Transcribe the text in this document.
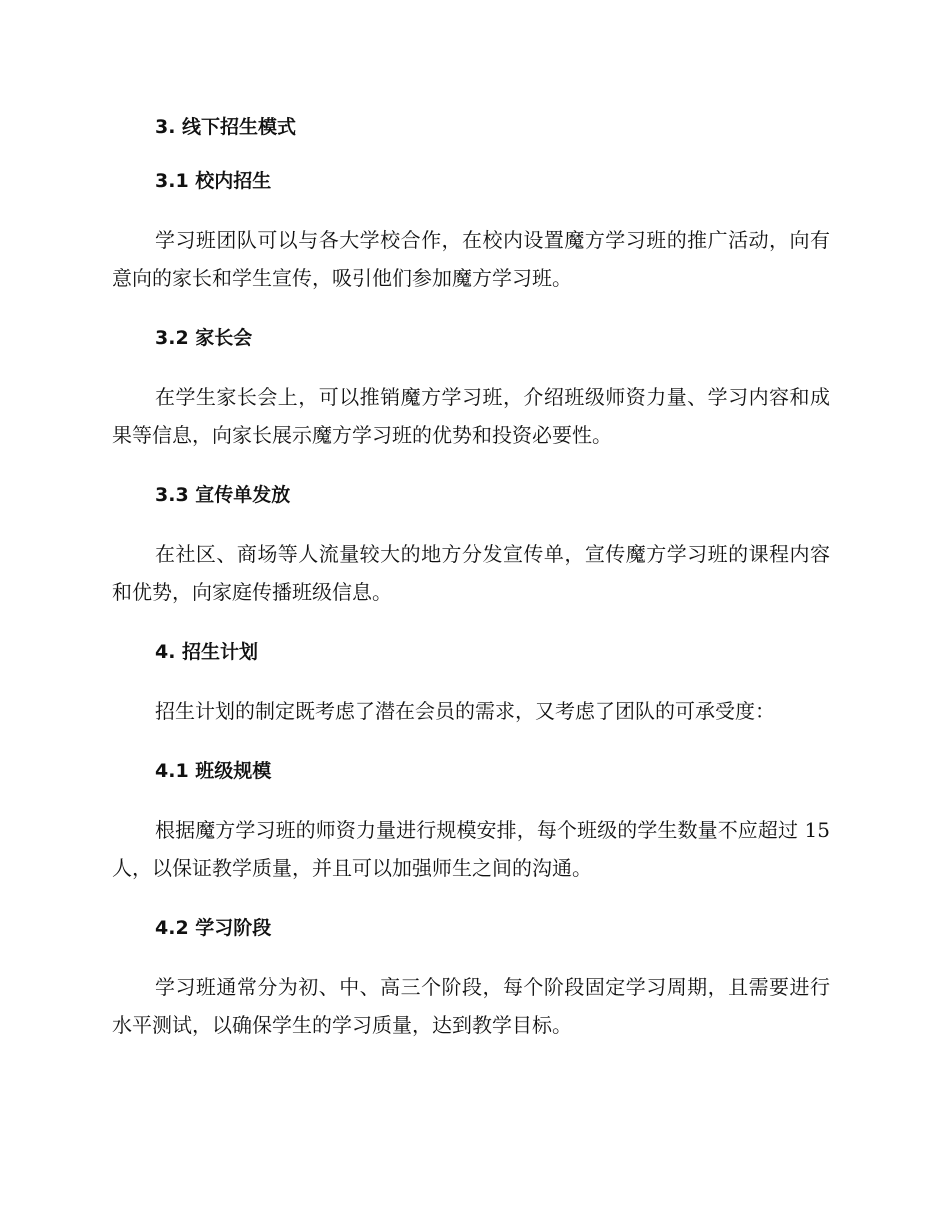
3. 线下招生模式
3.1 校内招生

学习班团队可以与各大学校合作，在校内设置魔方学习班的推广活动，向有意向的家长和学生宣传，吸引他们参加魔方学习班。

3.2 家长会

在学生家长会上，可以推销魔方学习班，介绍班级师资力量、学习内容和成果等信息，向家长展示魔方学习班的优势和投资必要性。

3.3 宣传单发放

在社区、商场等人流量较大的地方分发宣传单，宣传魔方学习班的课程内容和优势，向家庭传播班级信息。

4. 招生计划

招生计划的制定既考虑了潜在会员的需求，又考虑了团队的可承受度：

4.1 班级规模

根据魔方学习班的师资力量进行规模安排，每个班级的学生数量不应超过 15 人，以保证教学质量，并且可以加强师生之间的沟通。

4.2 学习阶段

学习班通常分为初、中、高三个阶段，每个阶段固定学习周期，且需要进行水平测试，以确保学生的学习质量，达到教学目标。
